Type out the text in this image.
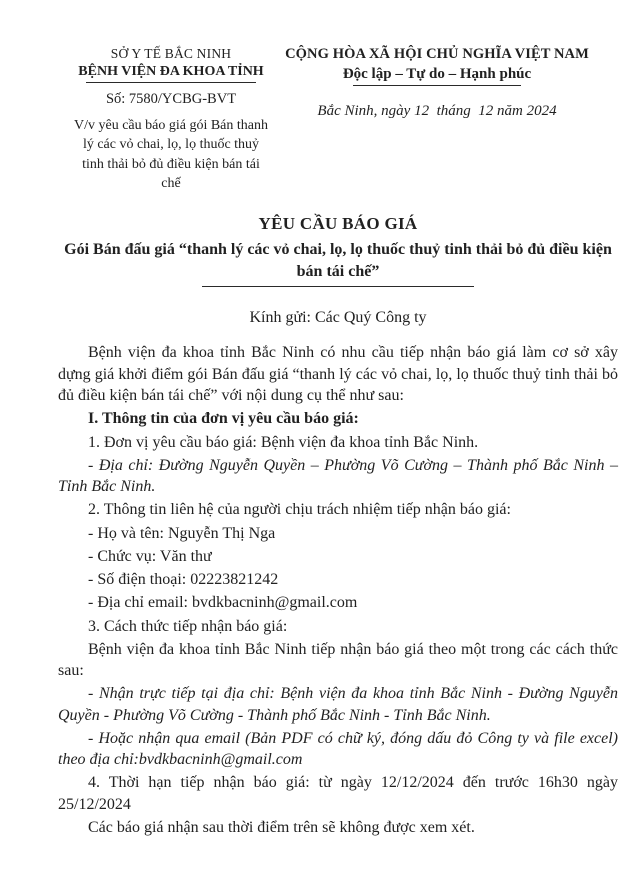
SỞ Y TẾ BẮC NINH
BỆNH VIỆN ĐA KHOA TỈNH
Số: 7580/YCBG-BVT
V/v yêu cầu báo giá gói Bán thanh lý các vỏ chai, lọ, lọ thuốc thuỷ tinh thải bỏ đủ điều kiện bán tái chế
CỘNG HÒA XÃ HỘI CHỦ NGHĨA VIỆT NAM
Độc lập – Tự do – Hạnh phúc
Bắc Ninh, ngày 12  tháng  12 năm 2024
YÊU CẦU BÁO GIÁ
Gói Bán đấu giá “thanh lý các vỏ chai, lọ, lọ thuốc thuỷ tinh thải bỏ đủ điều kiện bán tái chế”
Kính gửi: Các Quý Công ty

Bệnh viện đa khoa tỉnh Bắc Ninh có nhu cầu tiếp nhận báo giá làm cơ sở xây dựng giá khởi điểm gói Bán đấu giá “thanh lý các vỏ chai, lọ, lọ thuốc thuỷ tinh thải bỏ đủ điều kiện bán tái chế” với nội dung cụ thể như sau:

I. Thông tin của đơn vị yêu cầu báo giá:

1. Đơn vị yêu cầu báo giá: Bệnh viện đa khoa tỉnh Bắc Ninh.

- Địa chỉ: Đường Nguyễn Quyền – Phường Võ Cường – Thành phố Bắc Ninh – Tỉnh Bắc Ninh.

2. Thông tin liên hệ của người chịu trách nhiệm tiếp nhận báo giá:

- Họ và tên: Nguyễn Thị Nga

- Chức vụ: Văn thư

- Số điện thoại: 02223821242

- Địa chỉ email: bvdkbacninh@gmail.com

3. Cách thức tiếp nhận báo giá:

Bệnh viện đa khoa tỉnh Bắc Ninh tiếp nhận báo giá theo một trong các cách thức sau:

- Nhận trực tiếp tại địa chỉ: Bệnh viện đa khoa tỉnh Bắc Ninh - Đường Nguyễn Quyền - Phường Võ Cường - Thành phố Bắc Ninh - Tỉnh Bắc Ninh.

- Hoặc nhận qua email (Bản PDF có chữ ký, đóng dấu đỏ Công ty và file excel) theo địa chỉ:bvdkbacninh@gmail.com

4. Thời hạn tiếp nhận báo giá: từ ngày 12/12/2024 đến trước 16h30 ngày 25/12/2024

Các báo giá nhận sau thời điểm trên sẽ không được xem xét.
